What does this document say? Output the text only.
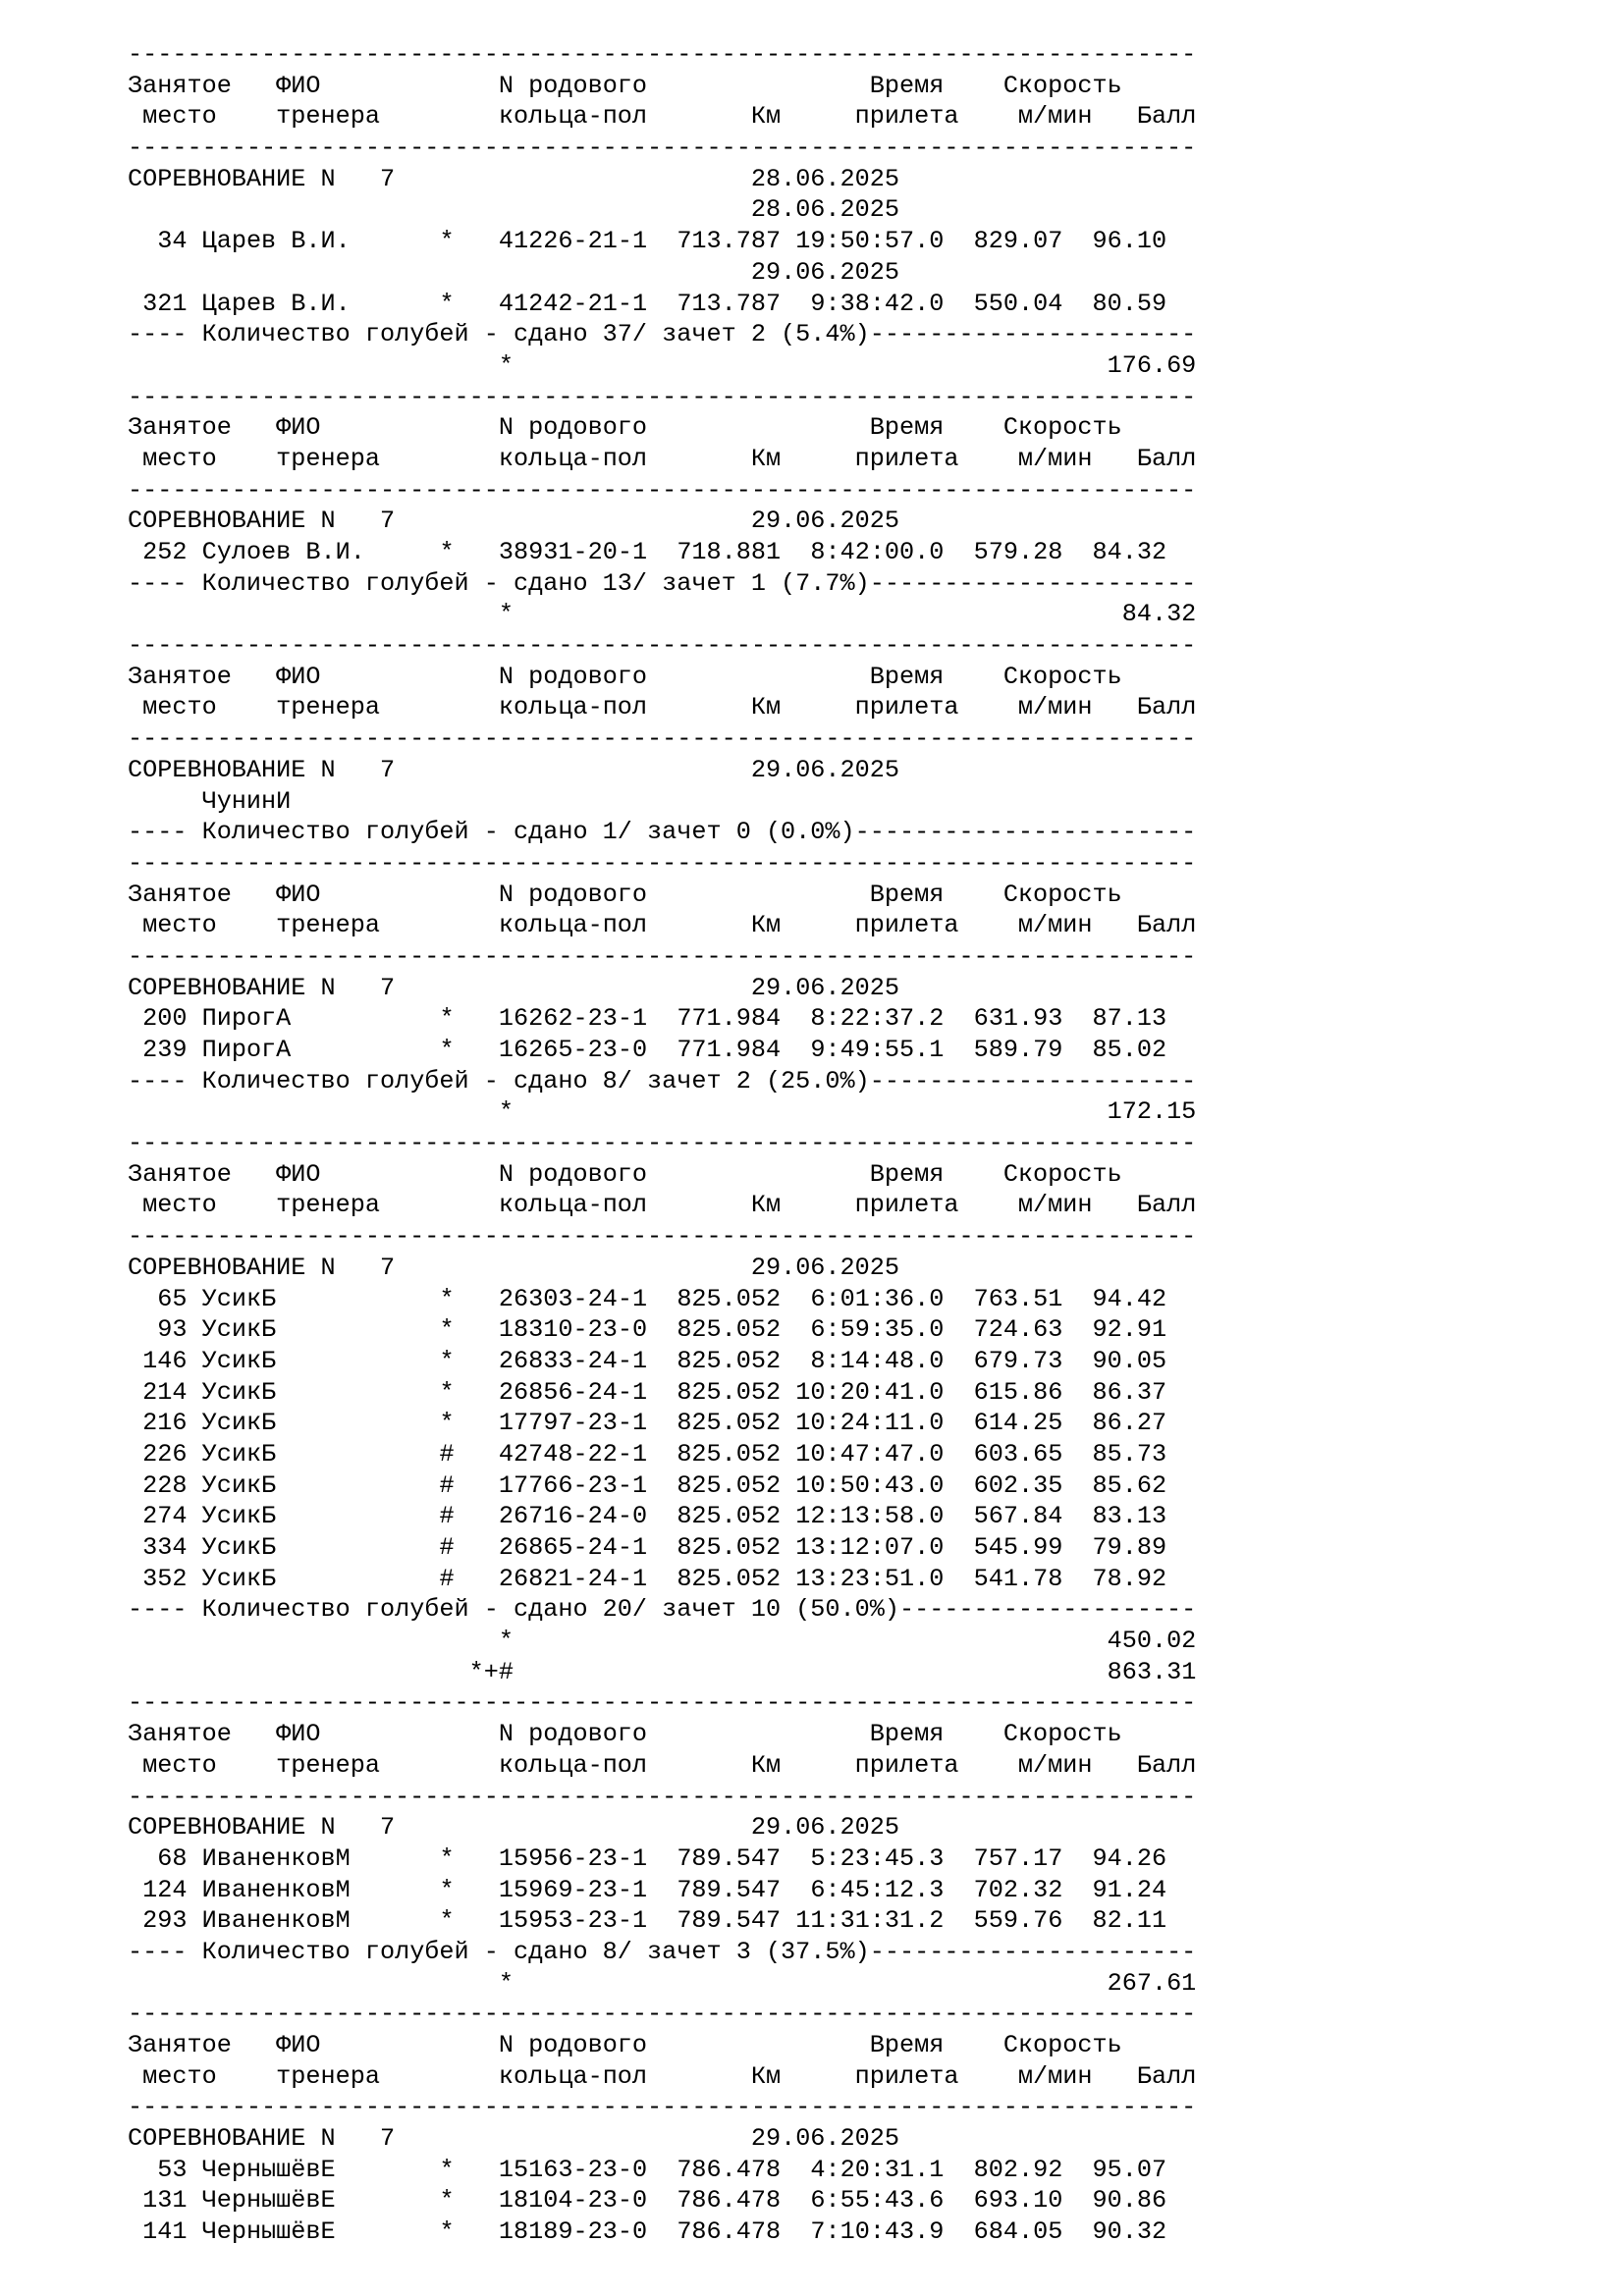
------------------------------------------------------------------------
Занятое   ФИО            N родового	Время    Скорость
место    тренера        кольца-пол       Км     прилета    м/мин   Балл
------------------------------------------------------------------------
СОРЕВНОВАНИЕ N   7	28.06.2025
28.06.2025
34 Царев В.И.      * 41226-21-1  713.787 19:50:57.0 829.07  96.10
29.06.2025
321 Царев В.И.      * 41242-21-1  713.787  9:38:42.0 550.04  80.59
---- Количество голубей - сдано 37/ зачет 2 (5.4%)----------------------
*	176.69
------------------------------------------------------------------------
Занятое   ФИО            N родового	Время    Скорость
место    тренера        кольца-пол       Км     прилета    м/мин   Балл
------------------------------------------------------------------------
СОРЕВНОВАНИЕ N   7	29.06.2025
252 Сулоев В.И.     * 38931-20-1  718.881  8:42:00.0 579.28  84.32
---- Количество голубей - сдано 13/ зачет 1 (7.7%)----------------------
*	84.32
------------------------------------------------------------------------
Занятое   ФИО            N родового	Время    Скорость
место    тренера        кольца-пол       Км     прилета    м/мин   Балл
------------------------------------------------------------------------
СОРЕВНОВАНИЕ N   7	29.06.2025
ЧунинИ
---- Количество голубей - сдано 1/ зачет 0 (0.0%)-----------------------
------------------------------------------------------------------------
Занятое   ФИО            N родового	Время    Скорость
место    тренера        кольца-пол       Км     прилета    м/мин   Балл
------------------------------------------------------------------------
СОРЕВНОВАНИЕ N   7	29.06.2025
200 ПирогА          * 16262-23-1  771.984  8:22:37.2 631.93  87.13
239 ПирогА          * 16265-23-0  771.984  9:49:55.1 589.79  85.02
---- Количество голубей - сдано 8/ зачет 2 (25.0%)----------------------
*	172.15
------------------------------------------------------------------------
Занятое   ФИО            N родового	Время    Скорость
место    тренера        кольца-пол       Км     прилета    м/мин   Балл
------------------------------------------------------------------------
СОРЕВНОВАНИЕ N   7	29.06.2025
65 УсикБ           * 26303-24-1  825.052  6:01:36.0 763.51  94.42
93 УсикБ           * 18310-23-0  825.052  6:59:35.0 724.63  92.91
146 УсикБ           * 26833-24-1  825.052  8:14:48.0 679.73  90.05
214 УсикБ           * 26856-24-1  825.052 10:20:41.0 615.86  86.37
216 УсикБ           * 17797-23-1  825.052 10:24:11.0 614.25  86.27
226 УсикБ           # 42748-22-1  825.052 10:47:47.0 603.65  85.73
228 УсикБ           # 17766-23-1  825.052 10:50:43.0 602.35  85.62
274 УсикБ           # 26716-24-0  825.052 12:13:58.0 567.84  83.13
334 УсикБ           # 26865-24-1  825.052 13:12:07.0 545.99  79.89
352 УсикБ           # 26821-24-1  825.052 13:23:51.0 541.78  78.92
---- Количество голубей - сдано 20/ зачет 10 (50.0%)--------------------
*	450.02
*+#	863.31
------------------------------------------------------------------------
Занятое   ФИО            N родового	Время    Скорость
место    тренера        кольца-пол       Км     прилета    м/мин   Балл
------------------------------------------------------------------------
СОРЕВНОВАНИЕ N   7	29.06.2025
68 ИваненковМ      * 15956-23-1  789.547  5:23:45.3 757.17  94.26
124 ИваненковМ      * 15969-23-1  789.547  6:45:12.3 702.32  91.24
293 ИваненковМ      * 15953-23-1  789.547 11:31:31.2 559.76  82.11
---- Количество голубей - сдано 8/ зачет 3 (37.5%)----------------------
*	267.61
------------------------------------------------------------------------
Занятое   ФИО            N родового	Время    Скорость
место    тренера        кольца-пол       Км     прилета    м/мин   Балл
------------------------------------------------------------------------
СОРЕВНОВАНИЕ N   7	29.06.2025
53 ЧернышёвЕ       * 15163-23-0  786.478  4:20:31.1 802.92  95.07
131 ЧернышёвЕ       * 18104-23-0  786.478  6:55:43.6 693.10  90.86
141 ЧернышёвЕ       * 18189-23-0  786.478  7:10:43.9 684.05  90.32
